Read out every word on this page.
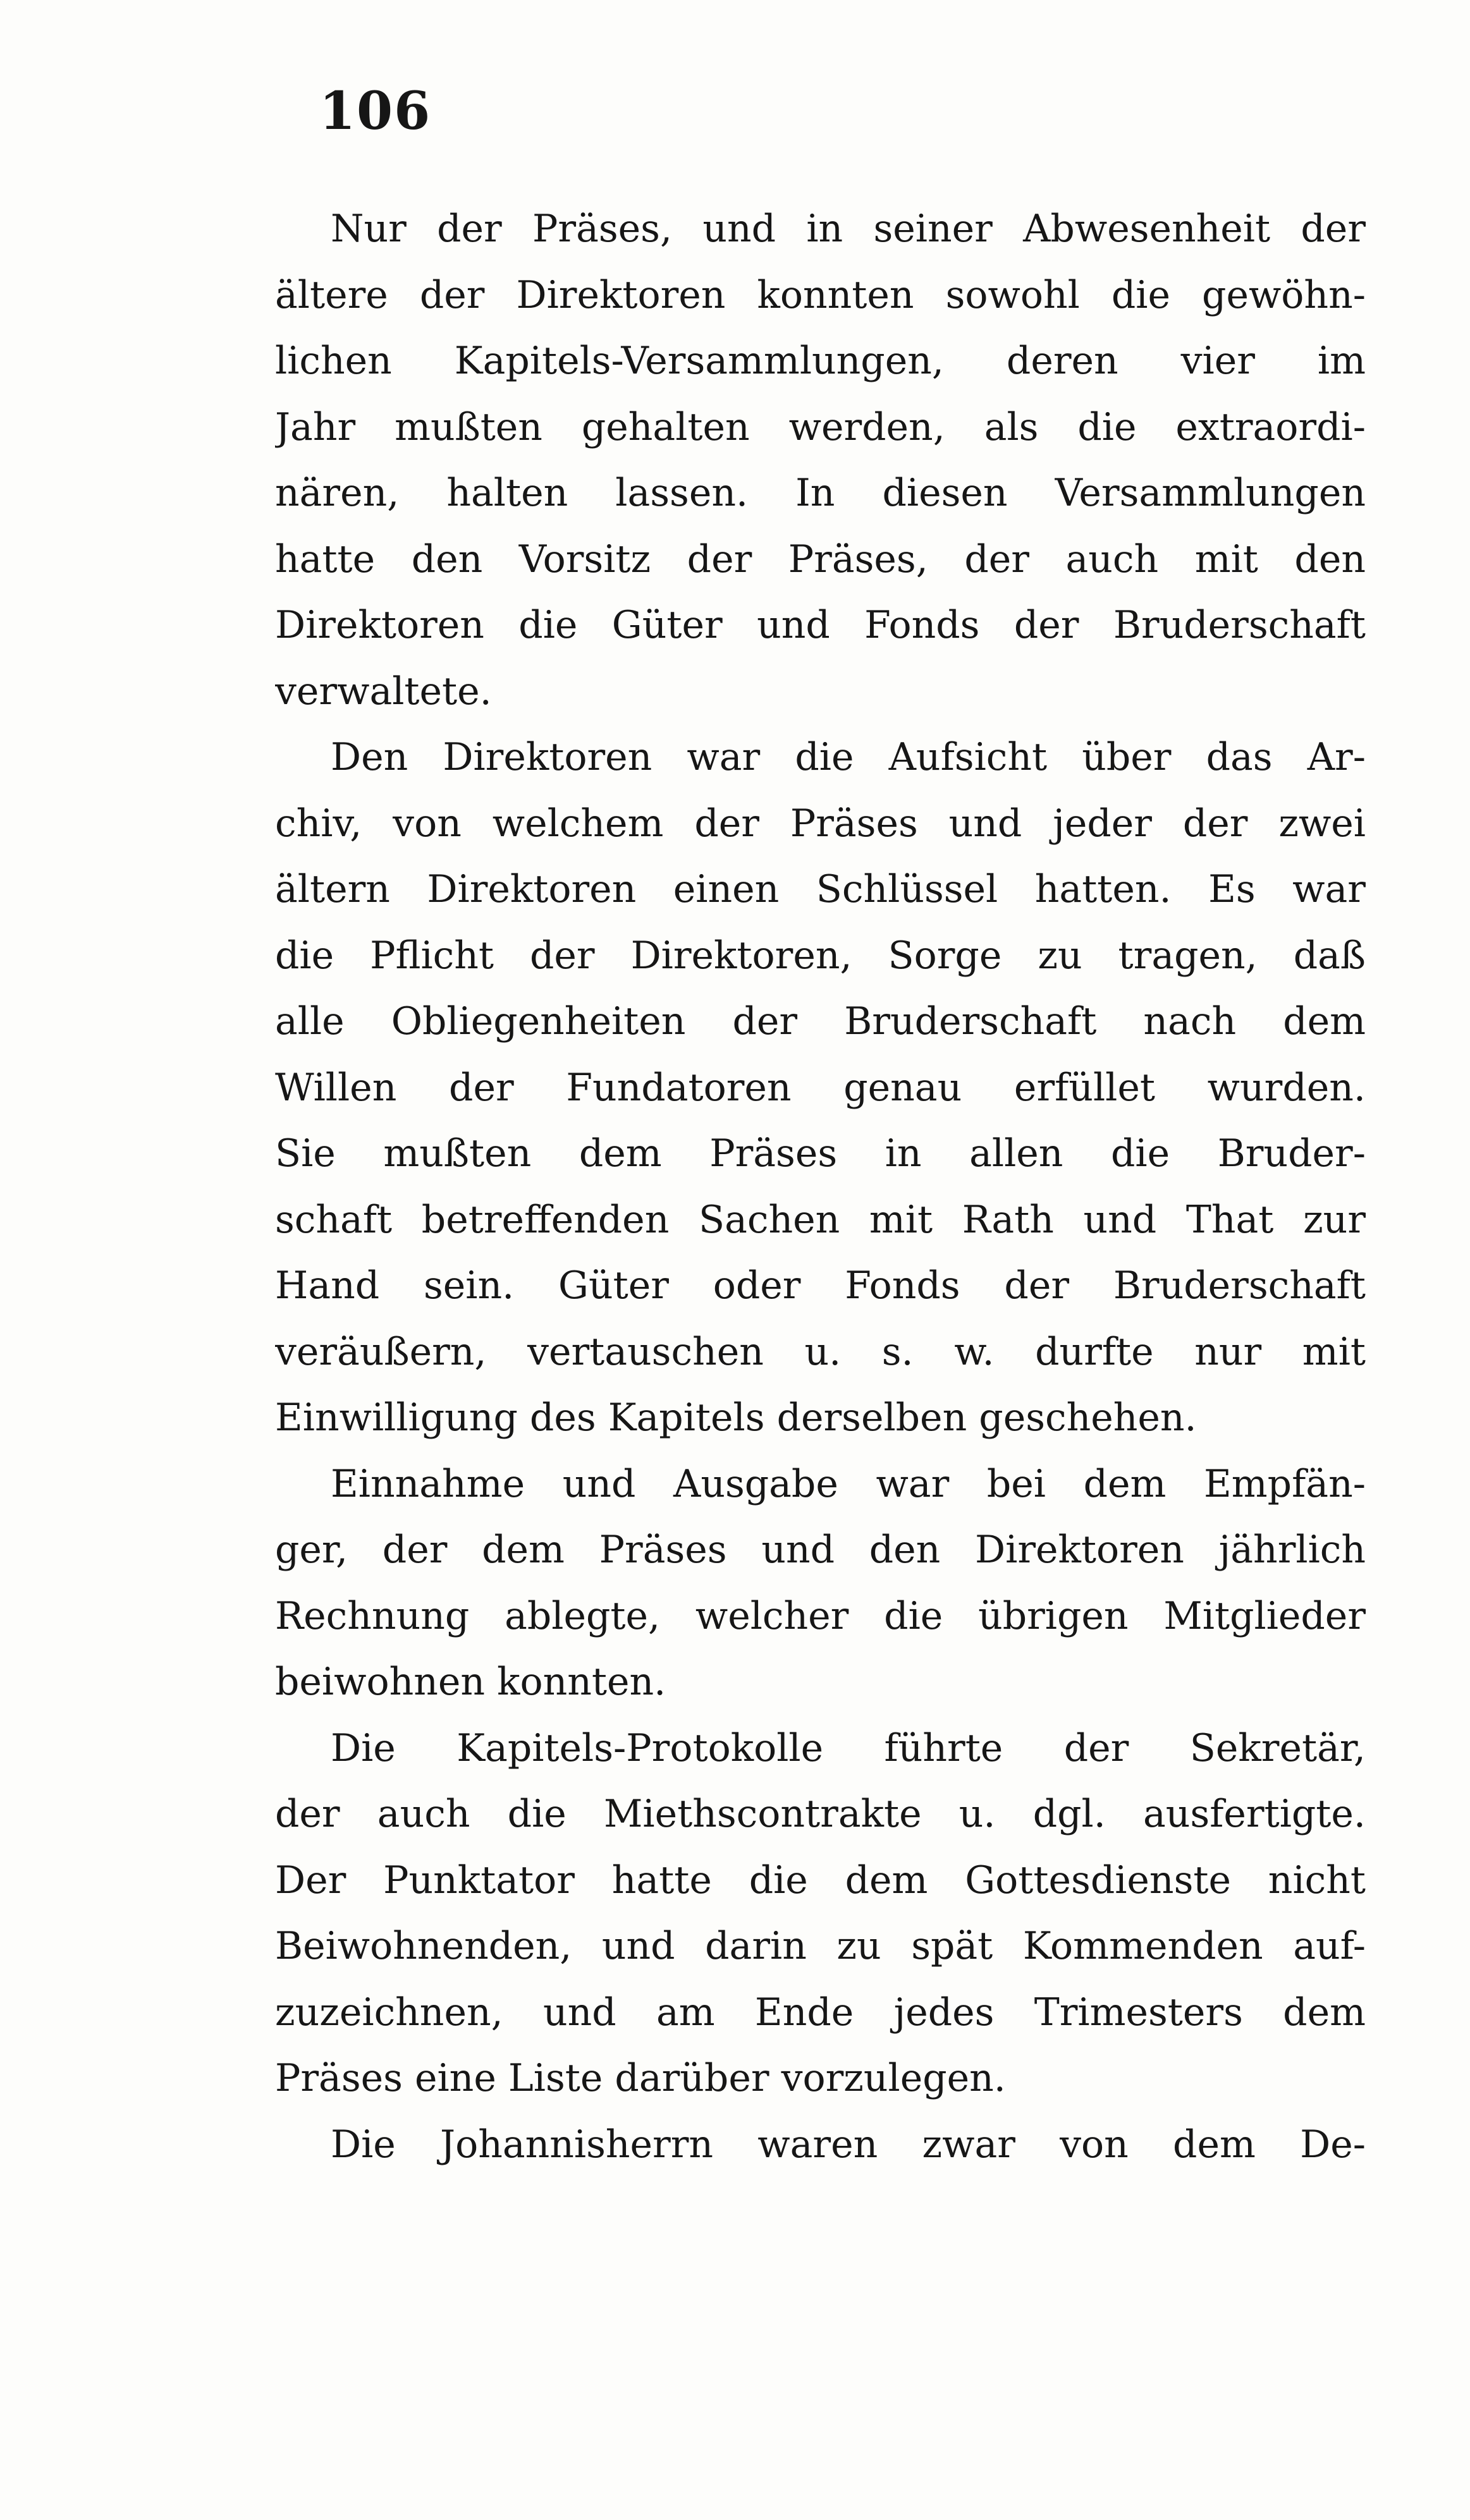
106
Nur der Präses, und in seiner Abwesenheit der
ältere der Direktoren konnten sowohl die gewöhn-
lichen Kapitels-Versammlungen, deren vier im
Jahr mußten gehalten werden, als die extraordi-
nären, halten lassen. In diesen Versammlungen
hatte den Vorsitz der Präses, der auch mit den
Direktoren die Güter und Fonds der Bruderschaft
verwaltete.
Den Direktoren war die Aufsicht über das Ar-
chiv, von welchem der Präses und jeder der zwei
ältern Direktoren einen Schlüssel hatten. Es war
die Pflicht der Direktoren, Sorge zu tragen, daß
alle Obliegenheiten der Bruderschaft nach dem
Willen der Fundatoren genau erfüllet wurden.
Sie mußten dem Präses in allen die Bruder-
schaft betreffenden Sachen mit Rath und That zur
Hand sein. Güter oder Fonds der Bruderschaft
veräußern, vertauschen u. s. w. durfte nur mit
Einwilligung des Kapitels derselben geschehen.
Einnahme und Ausgabe war bei dem Empfän-
ger, der dem Präses und den Direktoren jährlich
Rechnung ablegte, welcher die übrigen Mitglieder
beiwohnen konnten.
Die Kapitels-Protokolle führte der Sekretär,
der auch die Miethscontrakte u. dgl. ausfertigte.
Der Punktator hatte die dem Gottesdienste nicht
Beiwohnenden, und darin zu spät Kommenden auf-
zuzeichnen, und am Ende jedes Trimesters dem
Präses eine Liste darüber vorzulegen.
Die Johannisherrn waren zwar von dem De-
